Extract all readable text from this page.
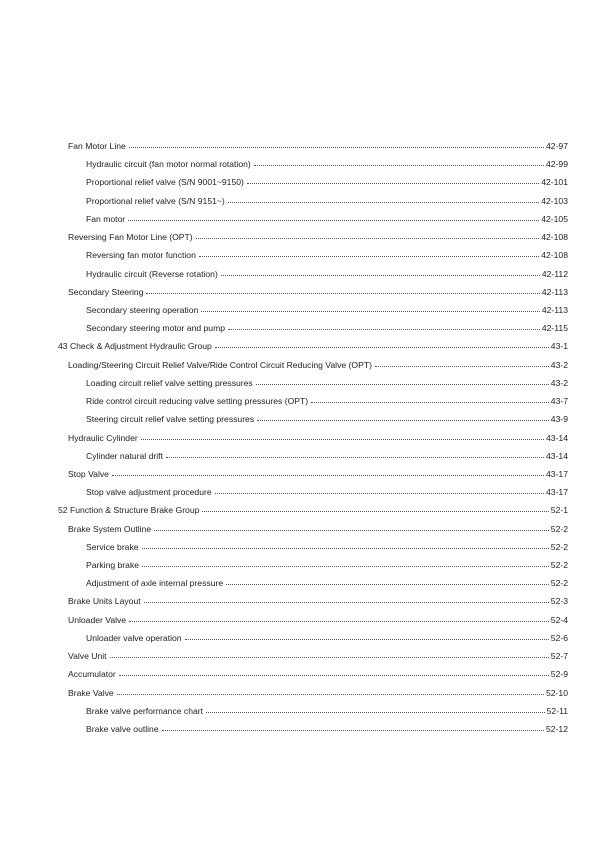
Fan Motor Line	42-97
Hydraulic circuit (fan motor normal rotation)	42-99
Proportional relief valve (S/N 9001~9150)	42-101
Proportional relief valve (S/N 9151~)	42-103
Fan motor	42-105
Reversing Fan Motor Line (OPT)	42-108
Reversing fan motor function	42-108
Hydraulic circuit (Reverse rotation)	42-112
Secondary Steering	42-113
Secondary steering operation	42-113
Secondary steering motor and pump	42-115
43 Check & Adjustment Hydraulic Group	43-1
Loading/Steering Circuit Relief Valve/Ride Control Circuit Reducing Valve (OPT)	43-2
Loading circuit relief valve setting pressures	43-2
Ride control circuit reducing valve setting pressures (OPT)	43-7
Steering circuit relief valve setting pressures	43-9
Hydraulic Cylinder	43-14
Cylinder natural drift	43-14
Stop Valve	43-17
Stop valve adjustment procedure	43-17
52 Function & Structure Brake Group	52-1
Brake System Outline	52-2
Service brake	52-2
Parking brake	52-2
Adjustment of axle internal pressure	52-2
Brake Units Layout	52-3
Unloader Valve	52-4
Unloader valve operation	52-6
Valve Unit	52-7
Accumulator	52-9
Brake Valve	52-10
Brake valve performance chart	52-11
Brake valve outline	52-12
